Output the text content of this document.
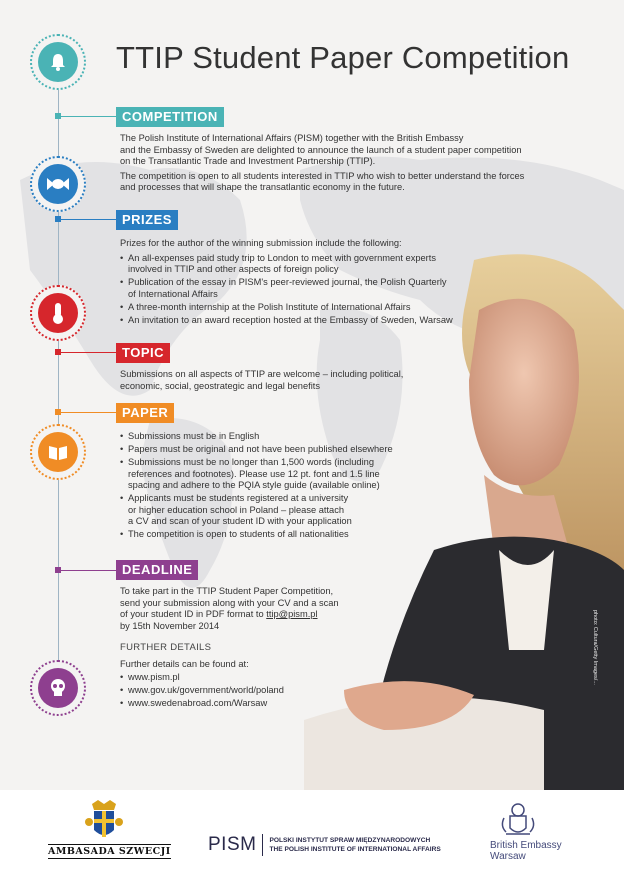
TTIP Student Paper Competition
COMPETITION

The Polish Institute of International Affairs (PISM) together with the British Embassy
and the Embassy of Sweden are delighted to announce the launch of a student paper competition
on the Transatlantic Trade and Investment Partnership (TTIP).

The competition is open to all students interested in TTIP who wish to better understand the forces
and processes that will shape the transatlantic economy in the future.

PRIZES

Prizes for the author of the winning submission include the following:

• An all-expenses paid study trip to London to meet with government experts
involved in TTIP and other aspects of foreign policy
• Publication of the essay in PISM's peer-reviewed journal, the Polish Quarterly
of International Affairs
• A three-month internship at the Polish Institute of International Affairs
• An invitation to an award reception hosted at the Embassy of Sweden, Warsaw
TOPIC
Submissions on all aspects of TTIP are welcome – including political,
economic, social, geostrategic and legal benefits
PAPER
• Submissions must be in English
• Papers must be original and not have been published elsewhere
• Submissions must be no longer than 1,500 words (including
references and footnotes). Please use 12 pt. font and 1.5 line
spacing and adhere to the PQIA style guide (available online)
• Applicants must be students registered at a university
or higher education school in Poland – please attach
a CV and scan of your student ID with your application
• The competition is open to students of all nationalities
DEADLINE

To take part in the TTIP Student Paper Competition,
send your submission along with your CV and a scan
of your student ID in PDF format to ttip@pism.pl
by 15th November 2014

FURTHER DETAILS

Further details can be found at:

• www.pism.pl
• www.gov.uk/government/world/poland
• www.swedenabroad.com/Warsaw
photo: Cultura/Getty Images/...
AMBASADA SZWECJI PISM	POLSKI INSTYTUT SPRAW MIĘDZYNARODOWYCH
THE POLISH INSTITUTE OF INTERNATIONAL AFFAIRS	British Embassy
Warsaw
